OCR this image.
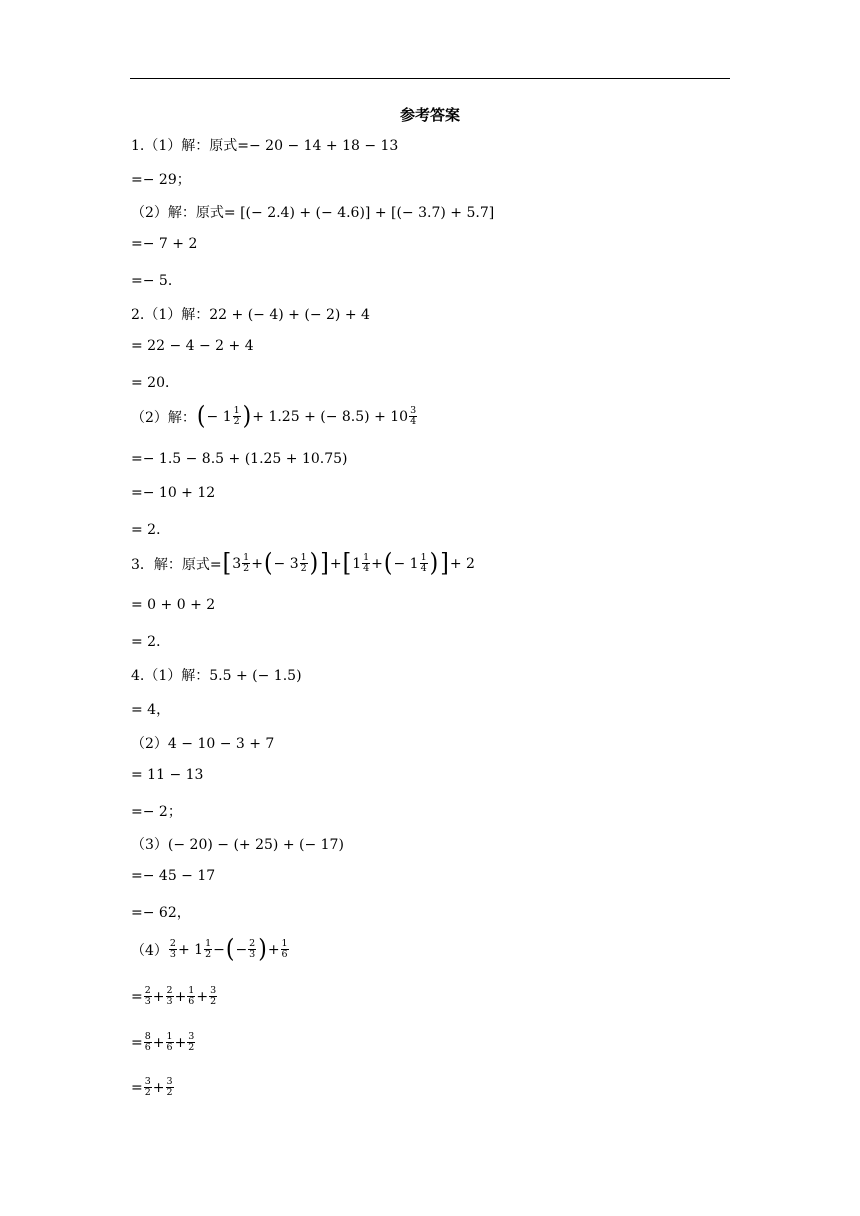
参考答案
1.（1）解：原式=− 20 − 14 + 18 − 13
=− 29；
（2）解：原式= [(− 2.4) + (− 4.6)] + [(− 3.7) + 5.7]
=− 7 + 2
=− 5．
2.（1）解：22 + (− 4) + (− 2) + 4
= 22 − 4 − 2 + 4
= 20．
（2）解： ( − $1 \frac{1}{2}$ ) + 1.25 + (− $8.5) + 10 \frac{3}{4}$
=− 1.5 − 8.5 + (1.25 + 10.75)
=− 10 + 12
= 2．
3．解：原式= [ $3 \frac{1}{2}$ + ( − $3 \frac{1}{2}$ ) ] + [ $1 \frac{1}{4}$ + ( − $1 \frac{1}{4}$ ) ] + 2
= 0 + 0 + 2
= 2．
4.（1）解：5.5 + (− 1.5)
= 4，
（2）4 − 10 − 3 + 7
= 11 − 13
=− 2；
（3）(− 20) − (+ 25) + (− 17)
=− 45 − 17
=− 62，
$(4) \frac{2}{3} + 1 \frac{1}{2}$ − ( − $\frac{2}{3}$ ) + $\frac{1}{6}$
= $\frac{2}{3} + \frac{2}{3} + \frac{1}{6} + \frac{3}{2}$
= $\frac{8}{6} + \frac{1}{6} + \frac{3}{2}$
= $\frac{3}{2} + \frac{3}{2}$
